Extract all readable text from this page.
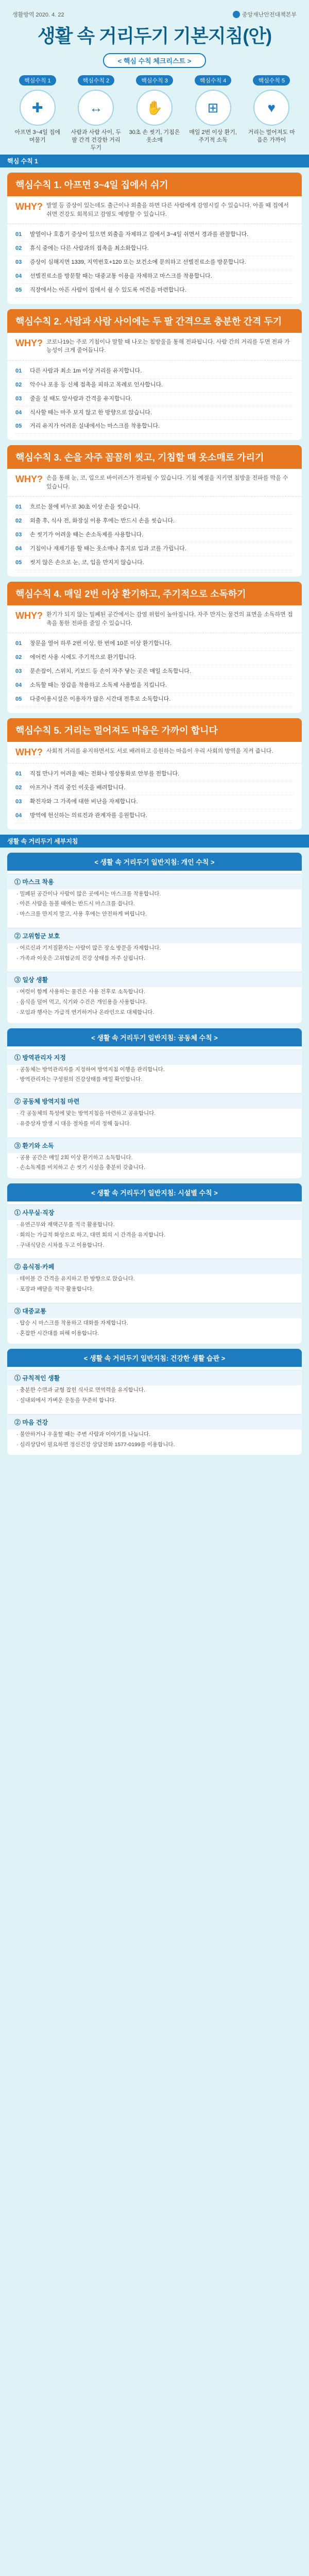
생활방역 2020. 4. 22	중앙재난안전대책본부
생활 속 거리두기 기본지침(안)
< 핵심 수칙 체크리스트 >
핵심수칙 1
✚
아프면 3~4일 집에 머물기
핵심수칙 2
↔
사람과 사람 사이, 두 팔 간격 건강한 거리 두기
핵심수칙 3
✋
30초 손 씻기, 기침은 옷소매
핵심수칙 4
⊞
매일 2번 이상 환기, 주기적 소독
핵심수칙 5
♥
거리는 멀어져도 마음은 가까이
핵심 수칙 1
핵심수칙 1. 아프면 3~4일 집에서 쉬기
WHY? 발열 등 증상이 있는데도 출근이나 외출을 하면 다른 사람에게 감염시킬 수 있습니다. 아플 때 집에서 쉬면 건강도 회복되고 감염도 예방할 수 있습니다.
01	발열이나 호흡기 증상이 있으면 외출을 자제하고 집에서 3~4일 쉬면서 경과를 관찰합니다.
02	휴식 중에는 다른 사람과의 접촉을 최소화합니다.
03	증상이 심해지면 1339, 지역번호+120 또는 보건소에 문의하고 선별진료소를 방문합니다.
04	선별진료소를 방문할 때는 대중교통 이용을 자제하고 마스크를 착용합니다.
05	직장에서는 아픈 사람이 집에서 쉴 수 있도록 여건을 마련합니다.
핵심수칙 2. 사람과 사람 사이에는 두 팔 간격으로 충분한 간격 두기
WHY? 코로나19는 주로 기침이나 말할 때 나오는 침방울을 통해 전파됩니다. 사람 간의 거리를 두면 전파 가능성이 크게 줄어듭니다.
01	다른 사람과 최소 1m 이상 거리를 유지합니다.
02	악수나 포옹 등 신체 접촉을 피하고 목례로 인사합니다.
03	줄을 설 때도 앞사람과 간격을 유지합니다.
04	식사할 때는 마주 보지 않고 한 방향으로 앉습니다.
05	거리 유지가 어려운 실내에서는 마스크를 착용합니다.
핵심수칙 3. 손을 자주 꼼꼼히 씻고, 기침할 때 옷소매로 가리기
WHY? 손을 통해 눈, 코, 입으로 바이러스가 전파될 수 있습니다. 기침 예절을 지키면 침방울 전파를 막을 수 있습니다.
01	흐르는 물에 비누로 30초 이상 손을 씻습니다.
02	외출 후, 식사 전, 화장실 이용 후에는 반드시 손을 씻습니다.
03	손 씻기가 어려울 때는 손소독제를 사용합니다.
04	기침이나 재채기를 할 때는 옷소매나 휴지로 입과 코를 가립니다.
05	씻지 않은 손으로 눈, 코, 입을 만지지 않습니다.
핵심수칙 4. 매일 2번 이상 환기하고, 주기적으로 소독하기
WHY? 환기가 되지 않는 밀폐된 공간에서는 감염 위험이 높아집니다. 자주 만지는 물건의 표면을 소독하면 접촉을 통한 전파를 줄일 수 있습니다.
01	창문을 열어 하루 2번 이상, 한 번에 10분 이상 환기합니다.
02	에어컨 사용 시에도 주기적으로 환기합니다.
03	문손잡이, 스위치, 키보드 등 손이 자주 닿는 곳은 매일 소독합니다.
04	소독할 때는 장갑을 착용하고 소독제 사용법을 지킵니다.
05	다중이용시설은 이용자가 많은 시간대 전후로 소독합니다.
핵심수칙 5. 거리는 멀어져도 마음은 가까이 합니다
WHY? 사회적 거리를 유지하면서도 서로 배려하고 응원하는 마음이 우리 사회의 방역을 지켜 줍니다.
01	직접 만나기 어려울 때는 전화나 영상통화로 안부를 전합니다.
02	아프거나 격리 중인 이웃을 배려합니다.
03	확진자와 그 가족에 대한 비난을 자제합니다.
04	방역에 헌신하는 의료진과 관계자를 응원합니다.
생활 속 거리두기 세부지침
< 생활 속 거리두기 일반지침: 개인 수칙 >
① 마스크 착용
· 밀폐된 공간이나 사람이 많은 곳에서는 마스크를 착용합니다.
· 아픈 사람을 돌볼 때에는 반드시 마스크를 씁니다.
· 마스크를 만지지 말고, 사용 후에는 안전하게 버립니다.
② 고위험군 보호
· 어르신과 기저질환자는 사람이 많은 장소 방문을 자제합니다.
· 가족과 이웃은 고위험군의 건강 상태를 자주 살핍니다.
③ 일상 생활
· 여럿이 함께 사용하는 물건은 사용 전후로 소독합니다.
· 음식을 덜어 먹고, 식기와 수건은 개인용을 사용합니다.
· 모임과 행사는 가급적 연기하거나 온라인으로 대체합니다.
< 생활 속 거리두기 일반지침: 공동체 수칙 >
① 방역관리자 지정
· 공동체는 방역관리자를 지정하여 방역지침 이행을 관리합니다.
· 방역관리자는 구성원의 건강상태를 매일 확인합니다.
② 공동체 방역지침 마련
· 각 공동체의 특성에 맞는 방역지침을 마련하고 공유합니다.
· 유증상자 발생 시 대응 절차를 미리 정해 둡니다.
③ 환기와 소독
· 공용 공간은 매일 2회 이상 환기하고 소독합니다.
· 손소독제를 비치하고 손 씻기 시설을 충분히 갖춥니다.
< 생활 속 거리두기 일반지침: 시설별 수칙 >
① 사무실·직장
· 유연근무와 재택근무를 적극 활용합니다.
· 회의는 가급적 화상으로 하고, 대면 회의 시 간격을 유지합니다.
· 구내식당은 시차를 두고 이용합니다.
② 음식점·카페
· 테이블 간 간격을 유지하고 한 방향으로 앉습니다.
· 포장과 배달을 적극 활용합니다.
③ 대중교통
· 탑승 시 마스크를 착용하고 대화를 자제합니다.
· 혼잡한 시간대를 피해 이용합니다.
< 생활 속 거리두기 일반지침: 건강한 생활 습관 >
① 규칙적인 생활
· 충분한 수면과 균형 잡힌 식사로 면역력을 유지합니다.
· 실내외에서 가벼운 운동을 꾸준히 합니다.
② 마음 건강
· 불안하거나 우울할 때는 주변 사람과 이야기를 나눕니다.
· 심리상담이 필요하면 정신건강 상담전화 1577-0199를 이용합니다.
